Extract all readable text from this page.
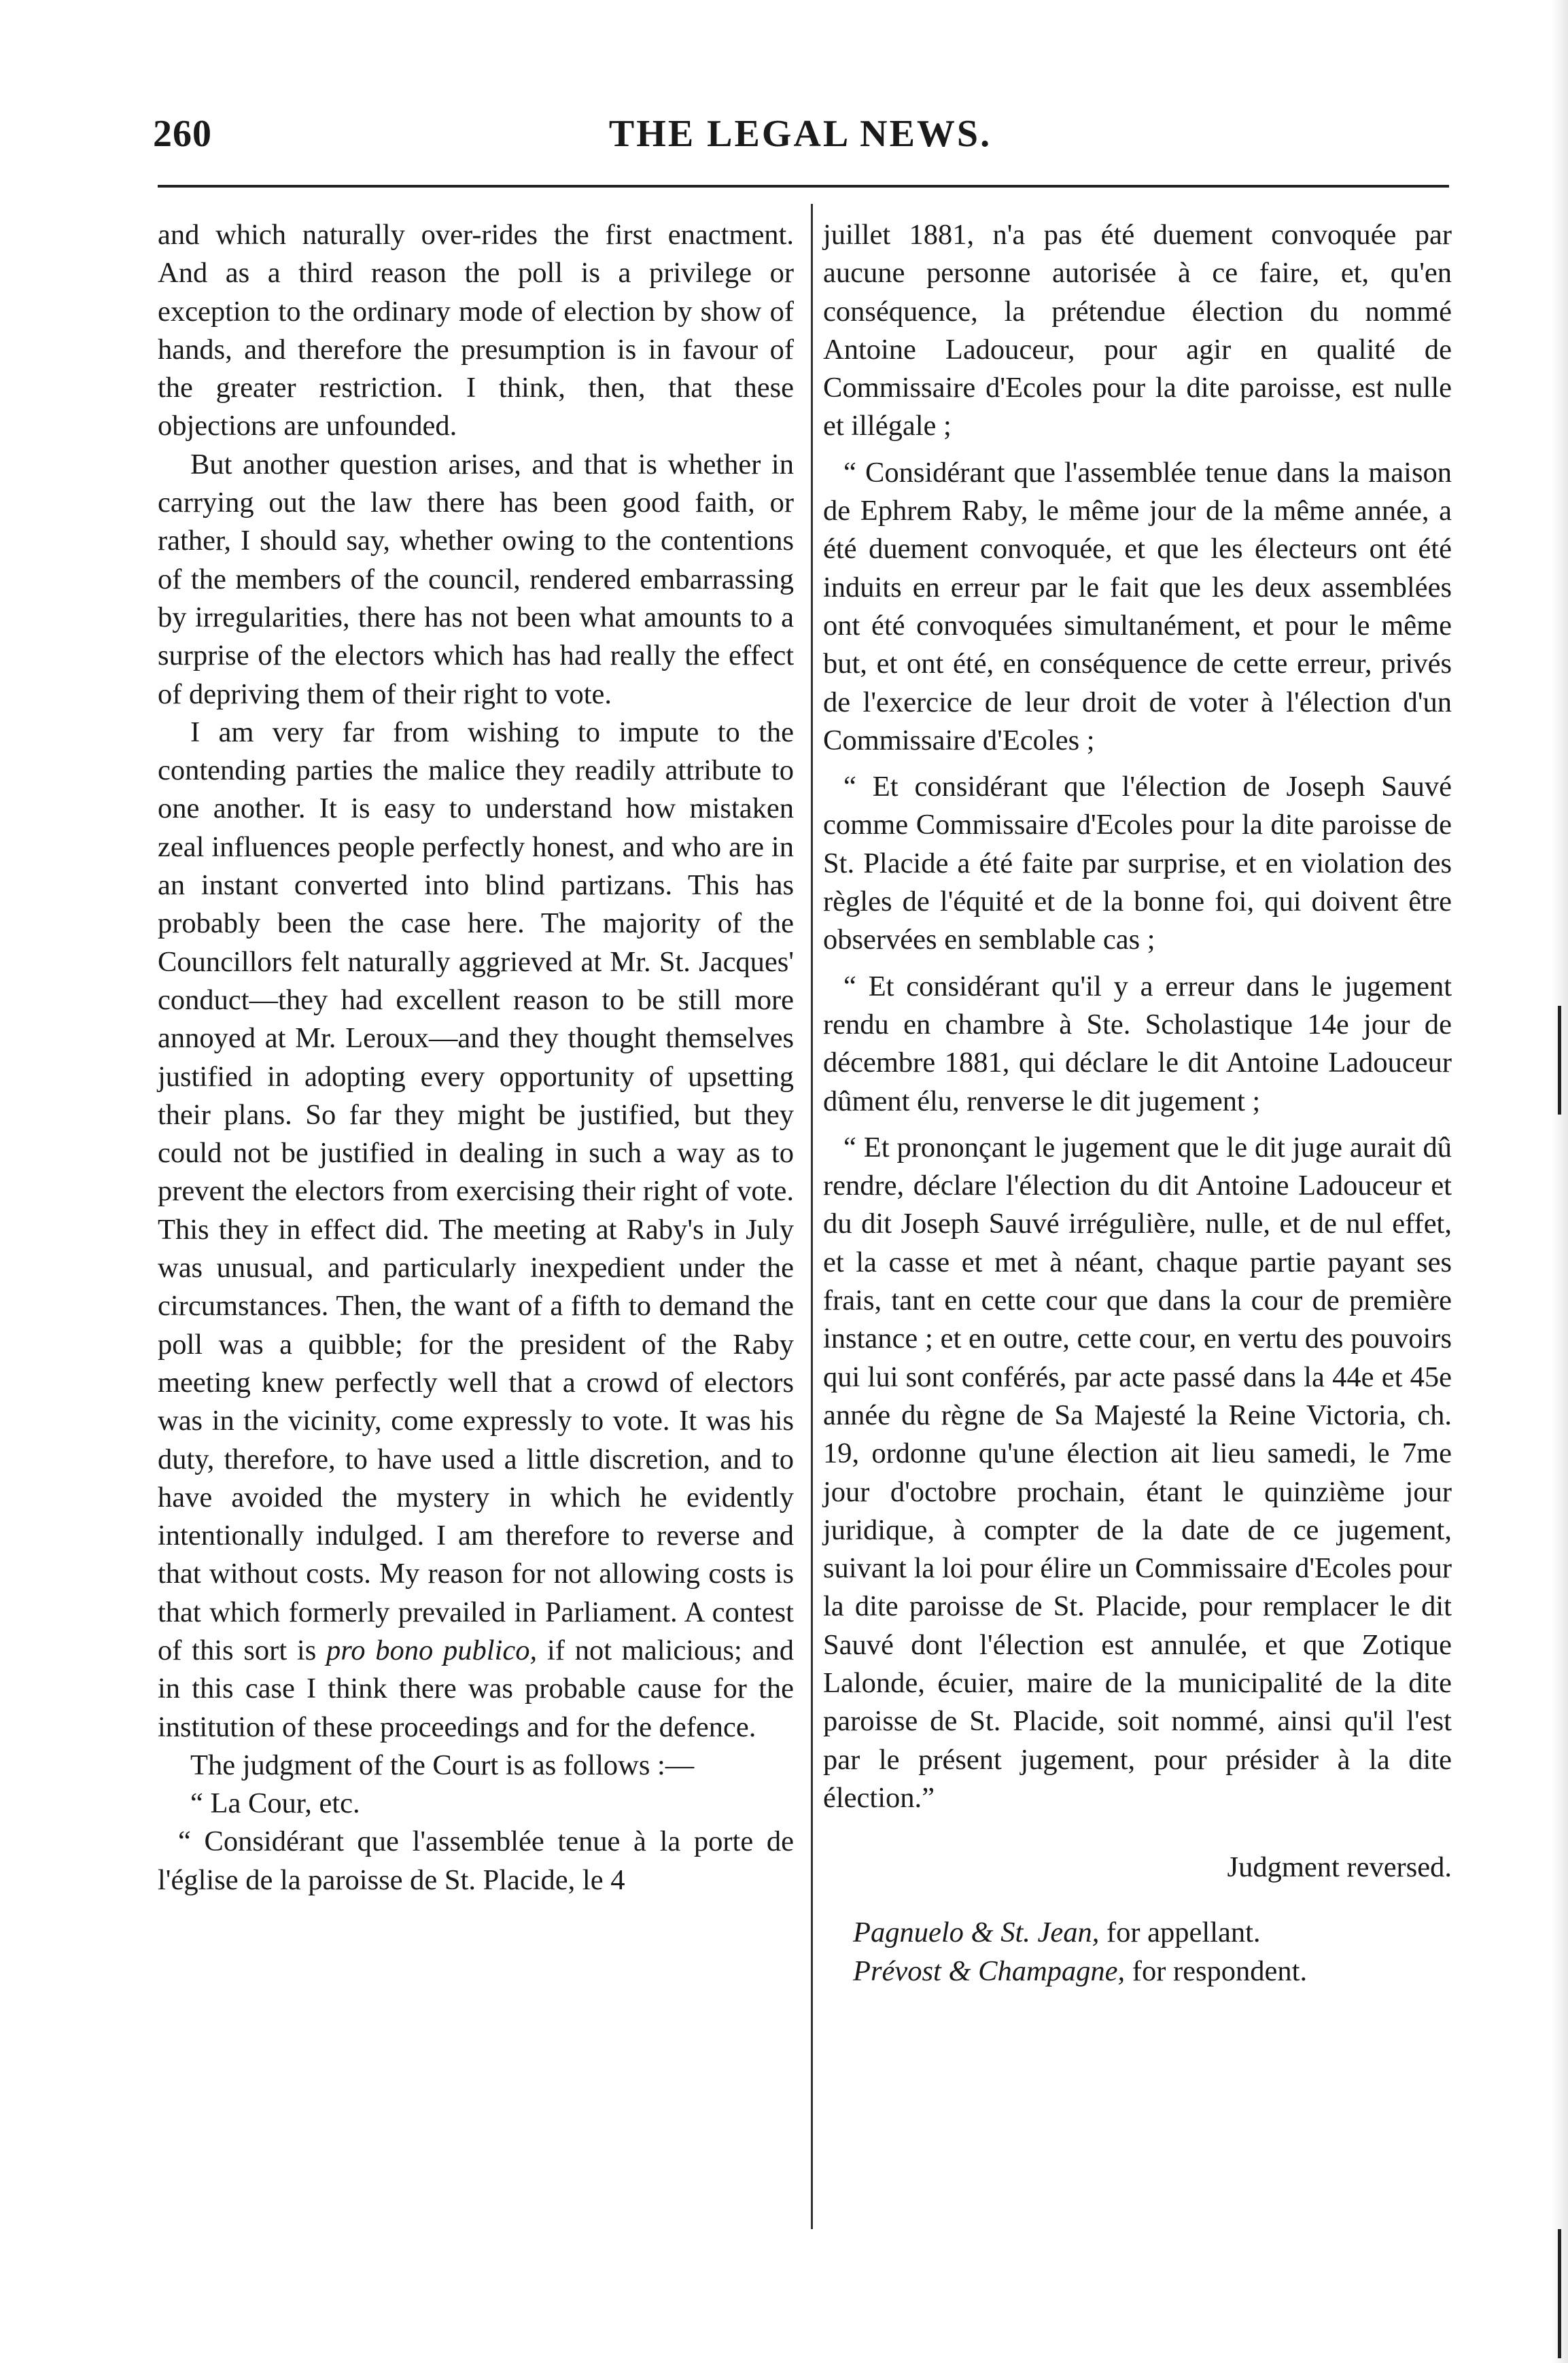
260	THE LEGAL NEWS.

and which naturally over-rides the first enactment. And as a third reason the poll is a privilege or exception to the ordinary mode of election by show of hands, and therefore the presumption is in favour of the greater restriction. I think, then, that these objections are unfounded.

But another question arises, and that is whether in carrying out the law there has been good faith, or rather, I should say, whether owing to the contentions of the members of the council, rendered embarrassing by irregularities, there has not been what amounts to a surprise of the electors which has had really the effect of depriving them of their right to vote.

I am very far from wishing to impute to the contending parties the malice they readily attribute to one another. It is easy to understand how mistaken zeal influences people perfectly honest, and who are in an instant converted into blind partizans. This has probably been the case here. The majority of the Councillors felt naturally aggrieved at Mr. St. Jacques' conduct—they had excellent reason to be still more annoyed at Mr. Leroux—and they thought themselves justified in adopting every opportunity of upsetting their plans. So far they might be justified, but they could not be justified in dealing in such a way as to prevent the electors from exercising their right of vote. This they in effect did. The meeting at Raby's in July was unusual, and particularly inexpedient under the circumstances. Then, the want of a fifth to demand the poll was a quibble; for the president of the Raby meeting knew perfectly well that a crowd of electors was in the vicinity, come expressly to vote. It was his duty, therefore, to have used a little discretion, and to have avoided the mystery in which he evidently intentionally indulged. I am therefore to reverse and that without costs. My reason for not allowing costs is that which formerly prevailed in Parliament. A contest of this sort is pro bono publico, if not malicious; and in this case I think there was probable cause for the institution of these proceedings and for the defence.

The judgment of the Court is as follows :—

“ La Cour, etc.

“ Considérant que l'assemblée tenue à la porte de l'église de la paroisse de St. Placide, le 4

juillet 1881, n'a pas été duement convoquée par aucune personne autorisée à ce faire, et, qu'en conséquence, la prétendue élection du nommé Antoine Ladouceur, pour agir en qualité de Commissaire d'Ecoles pour la dite paroisse, est nulle et illégale ;

“ Considérant que l'assemblée tenue dans la maison de Ephrem Raby, le même jour de la même année, a été duement convoquée, et que les électeurs ont été induits en erreur par le fait que les deux assemblées ont été convoquées simultanément, et pour le même but, et ont été, en conséquence de cette erreur, privés de l'exercice de leur droit de voter à l'élection d'un Commissaire d'Ecoles ;

“ Et considérant que l'élection de Joseph Sauvé comme Commissaire d'Ecoles pour la dite paroisse de St. Placide a été faite par surprise, et en violation des règles de l'équité et de la bonne foi, qui doivent être observées en semblable cas ;

“ Et considérant qu'il y a erreur dans le jugement rendu en chambre à Ste. Scholastique 14e jour de décembre 1881, qui déclare le dit Antoine Ladouceur dûment élu, renverse le dit jugement ;

“ Et prononçant le jugement que le dit juge aurait dû rendre, déclare l'élection du dit Antoine Ladouceur et du dit Joseph Sauvé irrégulière, nulle, et de nul effet, et la casse et met à néant, chaque partie payant ses frais, tant en cette cour que dans la cour de première instance ; et en outre, cette cour, en vertu des pouvoirs qui lui sont conférés, par acte passé dans la 44e et 45e année du règne de Sa Majesté la Reine Victoria, ch. 19, ordonne qu'une élection ait lieu samedi, le 7me jour d'octobre prochain, étant le quinzième jour juridique, à compter de la date de ce jugement, suivant la loi pour élire un Commissaire d'Ecoles pour la dite paroisse de St. Placide, pour remplacer le dit Sauvé dont l'élection est annulée, et que Zotique Lalonde, écuier, maire de la municipalité de la dite paroisse de St. Placide, soit nommé, ainsi qu'il l'est par le présent jugement, pour présider à la dite élection.”

Judgment reversed.

Pagnuelo & St. Jean, for appellant.

Prévost & Champagne, for respondent.
